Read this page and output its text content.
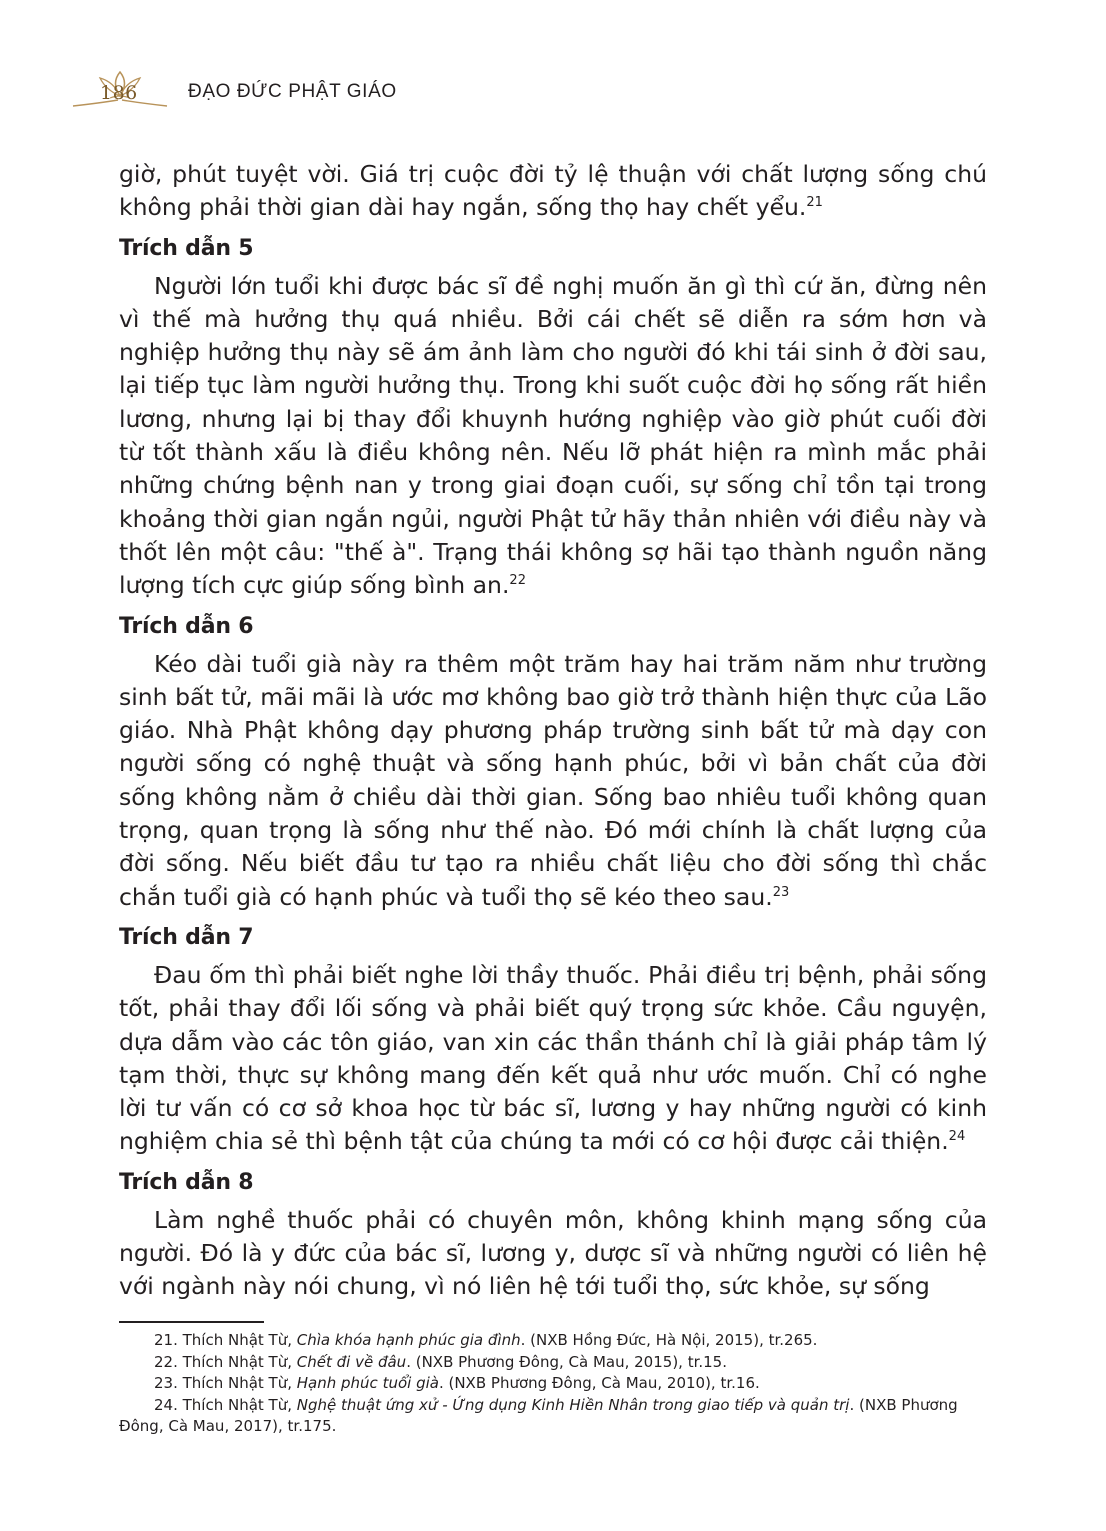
186	ĐẠO ĐỨC PHẬT GIÁO

giờ, phút tuyệt vời. Giá trị cuộc đời tỷ lệ thuận với chất lượng sống chú không phải thời gian dài hay ngắn, sống thọ hay chết yểu.$^{21}$

Trích dẫn 5

Người lớn tuổi khi được bác sĩ đề nghị muốn ăn gì thì cứ ăn, đừng nên vì thế mà hưởng thụ quá nhiều. Bởi cái chết sẽ diễn ra sớm hơn và nghiệp hưởng thụ này sẽ ám ảnh làm cho người đó khi tái sinh ở đời sau, lại tiếp tục làm người hưởng thụ. Trong khi suốt cuộc đời họ sống rất hiền lương, nhưng lại bị thay đổi khuynh hướng nghiệp vào giờ phút cuối đời từ tốt thành xấu là điều không nên. Nếu lỡ phát hiện ra mình mắc phải những chứng bệnh nan y trong giai đoạn cuối, sự sống chỉ tồn tại trong khoảng thời gian ngắn ngủi, người Phật tử hãy thản nhiên với điều này và thốt lên một câu: "thế à". Trạng thái không sợ hãi tạo thành nguồn năng lượng tích cực giúp sống bình an.$^{22}$

Trích dẫn 6

Kéo dài tuổi già này ra thêm một trăm hay hai trăm năm như trường sinh bất tử, mãi mãi là ước mơ không bao giờ trở thành hiện thực của Lão giáo. Nhà Phật không dạy phương pháp trường sinh bất tử mà dạy con người sống có nghệ thuật và sống hạnh phúc, bởi vì bản chất của đời sống không nằm ở chiều dài thời gian. Sống bao nhiêu tuổi không quan trọng, quan trọng là sống như thế nào. Đó mới chính là chất lượng của đời sống. Nếu biết đầu tư tạo ra nhiều chất liệu cho đời sống thì chắc chắn tuổi già có hạnh phúc và tuổi thọ sẽ kéo theo sau.$^{23}$

Trích dẫn 7

Đau ốm thì phải biết nghe lời thầy thuốc. Phải điều trị bệnh, phải sống tốt, phải thay đổi lối sống và phải biết quý trọng sức khỏe. Cầu nguyện, dựa dẫm vào các tôn giáo, van xin các thần thánh chỉ là giải pháp tâm lý tạm thời, thực sự không mang đến kết quả như ước muốn. Chỉ có nghe lời tư vấn có cơ sở khoa học từ bác sĩ, lương y hay những người có kinh nghiệm chia sẻ thì bệnh tật của chúng ta mới có cơ hội được cải thiện.$^{24}$

Trích dẫn 8

Làm nghề thuốc phải có chuyên môn, không khinh mạng sống của người. Đó là y đức của bác sĩ, lương y, dược sĩ và những người có liên hệ với ngành này nói chung, vì nó liên hệ tới tuổi thọ, sức khỏe, sự sống

21. Thích Nhật Từ, Chìa khóa hạnh phúc gia đình. (NXB Hồng Đức, Hà Nội, 2015), tr.265.

22. Thích Nhật Từ, Chết đi về đâu. (NXB Phương Đông, Cà Mau, 2015), tr.15.

23. Thích Nhật Từ, Hạnh phúc tuổi già. (NXB Phương Đông, Cà Mau, 2010), tr.16.

24. Thích Nhật Từ, Nghệ thuật ứng xử - Ứng dụng Kinh Hiền Nhân trong giao tiếp và quản trị. (NXB Phương Đông, Cà Mau, 2017), tr.175.
